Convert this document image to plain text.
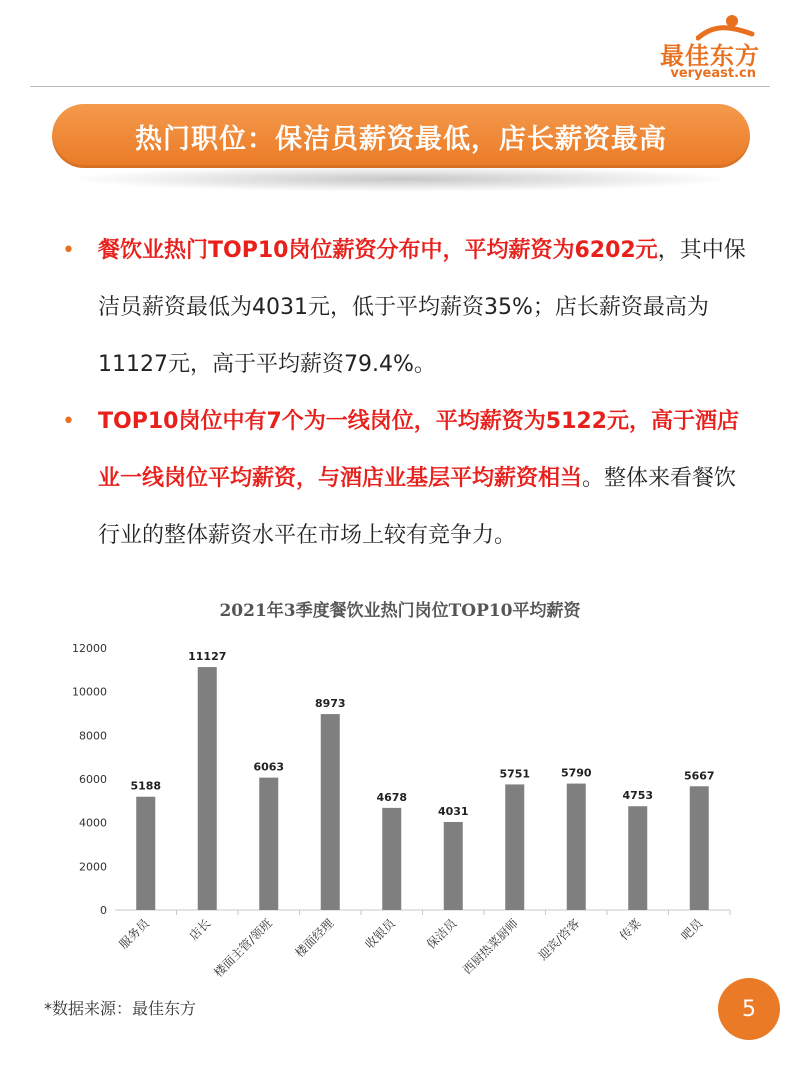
最佳东方
veryeast.cn
热门职位：保洁员薪资最低，店长薪资最高
• 餐饮业热门TOP10岗位薪资分布中，平均薪资为6202元，其中保洁员薪资最低为4031元，低于平均薪资35%；店长薪资最高为11127元，高于平均薪资79.4%。
• TOP10岗位中有7个为一线岗位，平均薪资为5122元，高于酒店业一线岗位平均薪资，与酒店业基层平均薪资相当。整体来看餐饮行业的整体薪资水平在市场上较有竞争力。
2021年3季度餐饮业热门岗位TOP10平均薪资
0
2000
4000
6000
8000
10000
12000
5188
服务员
11127
店长
6063
楼面主管/领班
8973
楼面经理
4678
收银员
4031
保洁员
5751
西厨热菜厨师
5790
迎宾/咨客
4753
传菜
5667
吧员
*数据来源：最佳东方	5
